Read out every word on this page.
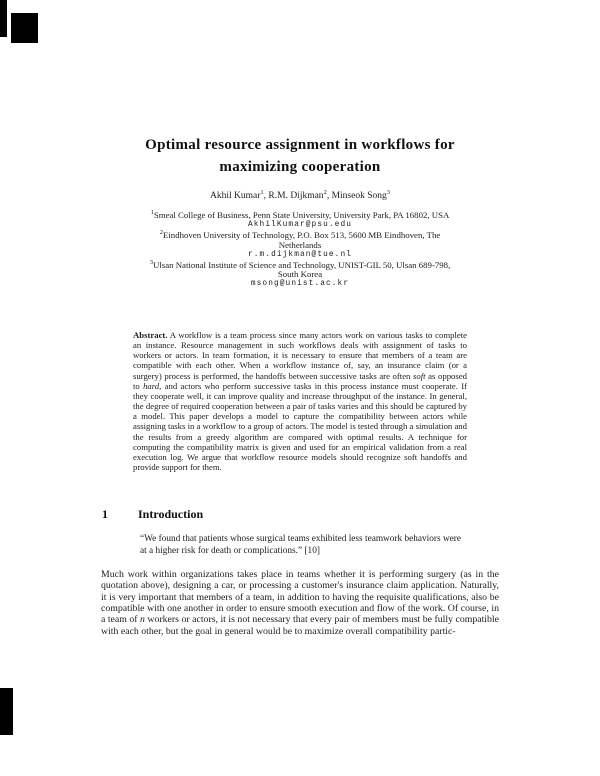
Optimal resource assignment in workflows for
maximizing cooperation
Akhil Kumar$^1$, R.M. Dijkman$^2$, Minseok Song$^3$
$^1$Smeal College of Business, Penn State University, University Park, PA 16802, USA
AkhilKumar@psu.edu
$^2$Eindhoven University of Technology, P.O. Box 513, 5600 MB Eindhoven, The
Netherlands
r.m.dijkman@tue.nl
$^3$Ulsan National Institute of Science and Technology, UNIST-GIL 50, Ulsan 689-798,
South Korea
msong@unist.ac.kr
Abstract. A workflow is a team process since many actors work on various tasks to complete an instance. Resource management in such workflows deals with assignment of tasks to workers or actors. In team formation, it is necessary to ensure that members of a team are compatible with each other. When a workflow instance of, say, an insurance claim (or a surgery) process is performed, the handoffs between successive tasks are often soft as opposed to hard, and actors who perform successive tasks in this process instance must cooperate. If they cooperate well, it can improve quality and increase throughput of the instance. In general, the degree of required cooperation between a pair of tasks varies and this should be captured by a model. This paper develops a model to capture the compatibility between actors while assigning tasks in a workflow to a group of actors. The model is tested through a simulation and the results from a greedy algorithm are compared with optimal results. A technique for computing the compatibility matrix is given and used for an empirical validation from a real execution log. We argue that workflow resource models should recognize soft handoffs and provide support for them.
1	Introduction
“We found that patients whose surgical teams exhibited less teamwork behaviors were at a higher risk for death or complications.” [10]
Much work within organizations takes place in teams whether it is performing surgery (as in the quotation above), designing a car, or processing a customer's insurance claim application. Naturally, it is very important that members of a team, in addition to having the requisite qualifications, also be compatible with one another in order to ensure smooth execution and flow of the work. Of course, in a team of n workers or actors, it is not necessary that every pair of members must be fully compatible with each other, but the goal in general would be to maximize overall compatibility partic-
